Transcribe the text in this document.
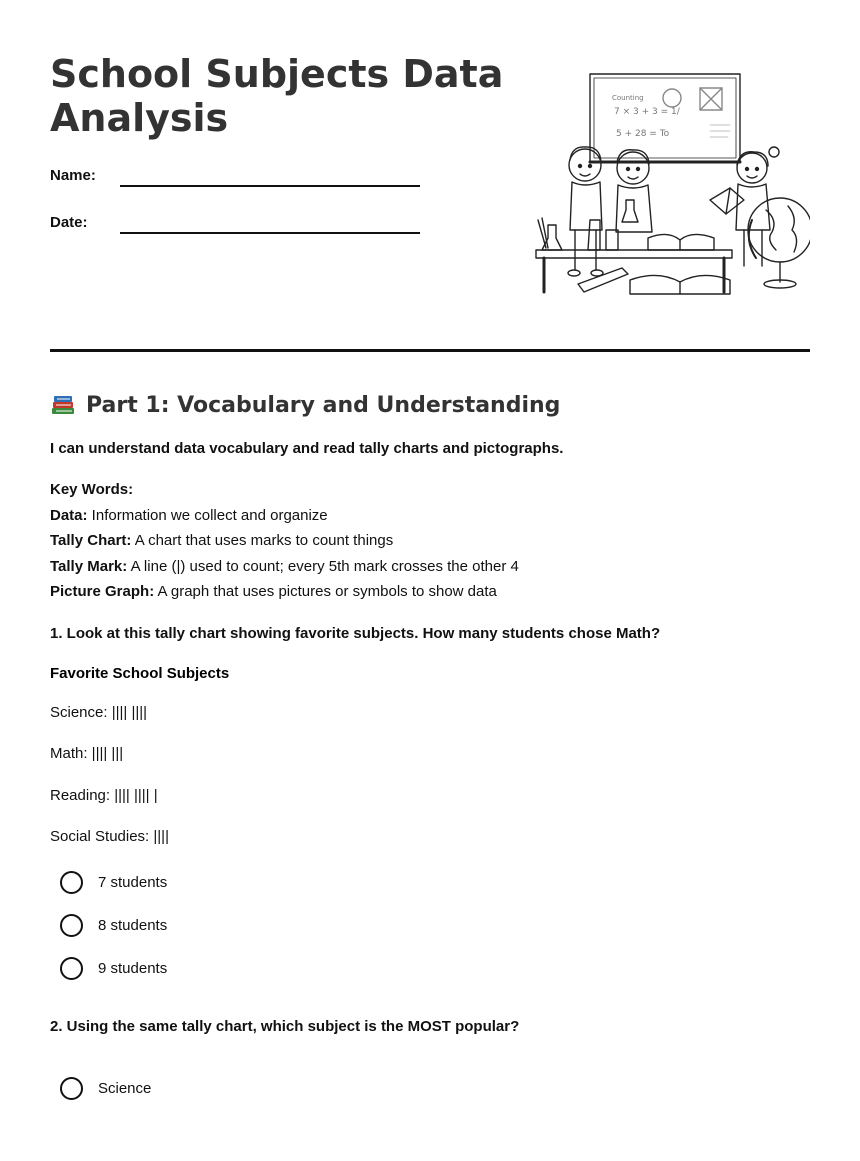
School Subjects Data Analysis
Name:
Date:
Counting
7 × 3 + 3 = 1/
5 + 28 = To
Part 1: Vocabulary and Understanding
I can understand data vocabulary and read tally charts and pictographs.
Key Words:
Data: Information we collect and organize
Tally Chart: A chart that uses marks to count things
Tally Mark: A line (|) used to count; every 5th mark crosses the other 4
Picture Graph: A graph that uses pictures or symbols to show data
1. Look at this tally chart showing favorite subjects. How many students chose Math?
Favorite School Subjects
Science: |||| ||||
Math: |||| |||
Reading: |||| |||| |
Social Studies: ||||
7 students
8 students
9 students
2. Using the same tally chart, which subject is the MOST popular?
Science
